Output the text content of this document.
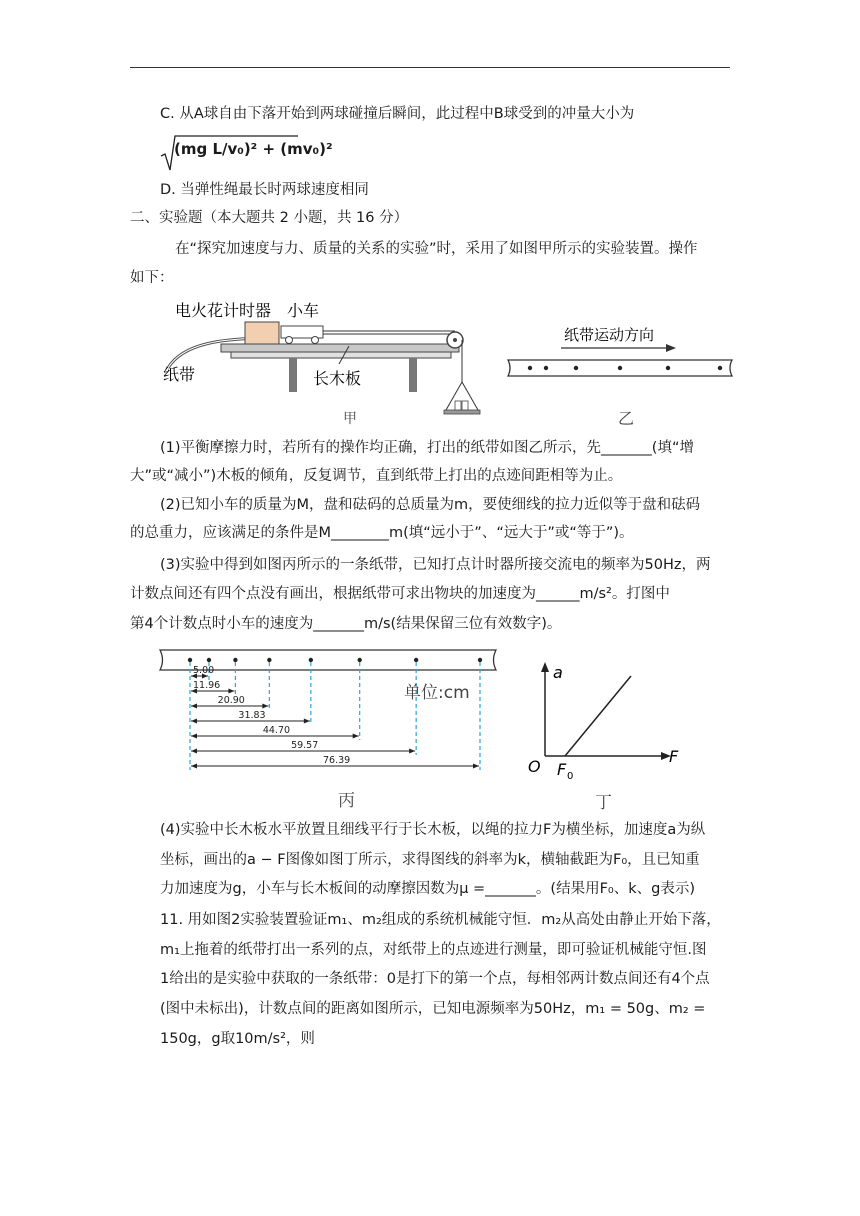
C. 从A球自由下落开始到两球碰撞后瞬间，此过程中B球受到的冲量大小为
(mg L/v₀)² + (mv₀)²
D. 当弹性绳最长时两球速度相同
二、实验题（本大题共 2 小题，共 16 分）
在“探究加速度与力、质量的关系的实验”时，采用了如图甲所示的实验装置。操作
如下：
电火花计时器 小车
纸带	长木板
甲
纸带运动方向
乙
(1)平衡摩擦力时，若所有的操作均正确，打出的纸带如图乙所示，先_______(填“增
大”或“减小”)木板的倾角，反复调节，直到纸带上打出的点迹间距相等为止。
(2)已知小车的质量为M，盘和砝码的总质量为m，要使细线的拉力近似等于盘和砝码
的总重力，应该满足的条件是M________m(填“远小于”、“远大于”或“等于”)。
(3)实验中得到如图丙所示的一条纸带，已知打点计时器所接交流电的频率为50Hz，两
计数点间还有四个点没有画出，根据纸带可求出物块的加速度为______m/s²。打图中
第4个计数点时小车的速度为_______m/s(结果保留三位有效数字)。
5.00
11.96
20.90
31.83
44.70
59.57
76.39
单位:cm
丙
a
F
O F 0
丁
(4)实验中长木板水平放置且细线平行于长木板，以绳的拉力F为横坐标，加速度a为纵
坐标，画出的a − F图像如图丁所示，求得图线的斜率为k，横轴截距为F₀，且已知重
力加速度为g，小车与长木板间的动摩擦因数为μ =_______。(结果用F₀、k、g表示)
11. 用如图2实验装置验证m₁、m₂组成的系统机械能守恒．m₂从高处由静止开始下落，
m₁上拖着的纸带打出一系列的点，对纸带上的点迹进行测量，即可验证机械能守恒.图
1给出的是实验中获取的一条纸带：0是打下的第一个点，每相邻两计数点间还有4个点
(图中未标出)，计数点间的距离如图所示，已知电源频率为50Hz，m₁ = 50g、m₂ =
150g，g取10m/s²，则
